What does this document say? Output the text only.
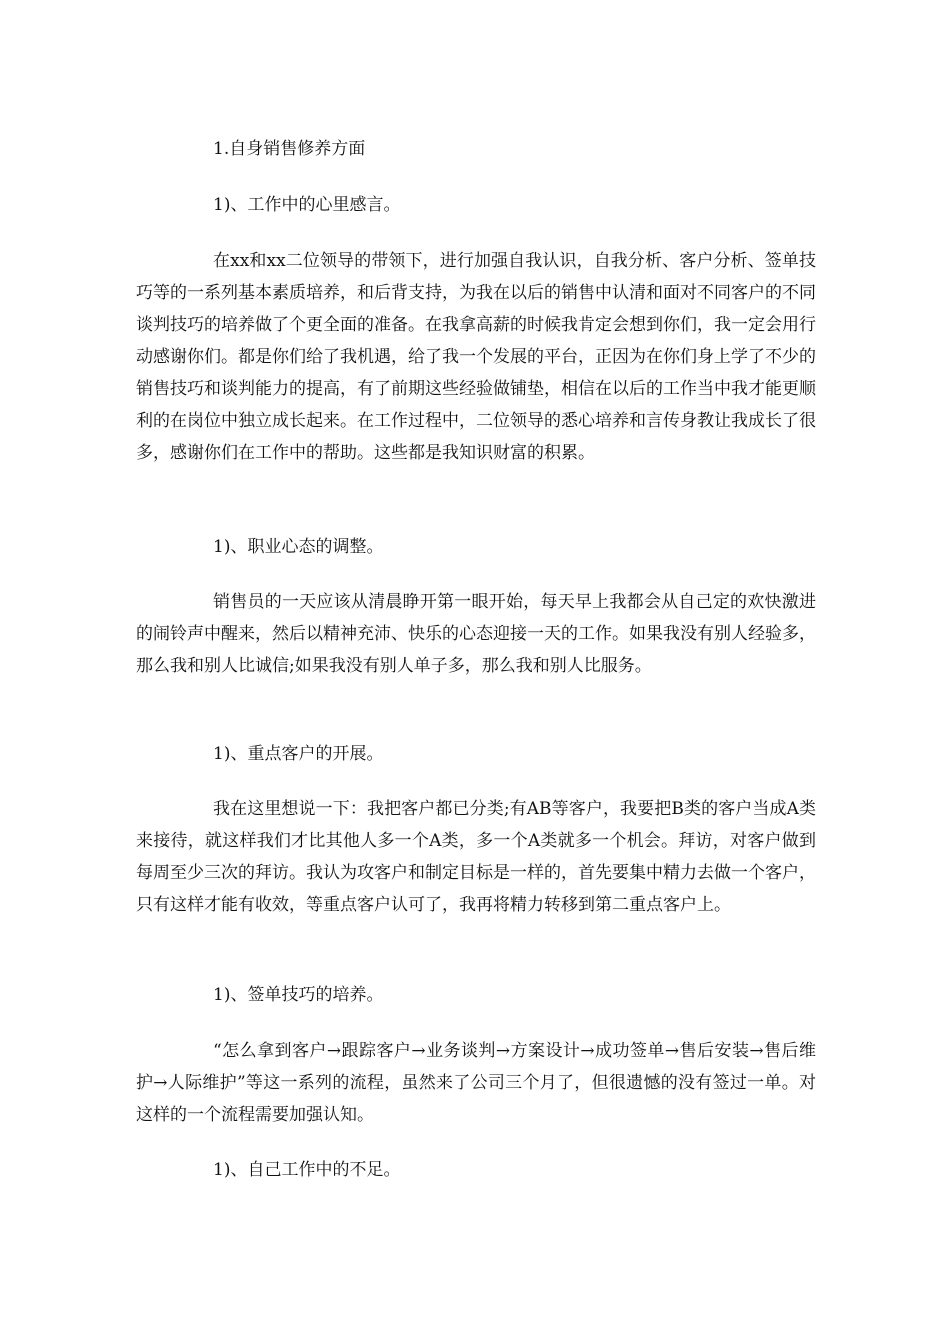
1.自身销售修养方面

1)、工作中的心里感言。

在xx和xx二位领导的带领下，进行加强自我认识，自我分析、客户分析、签单技巧等的一系列基本素质培养，和后背支持，为我在以后的销售中认清和面对不同客户的不同谈判技巧的培养做了个更全面的准备。在我拿高薪的时候我肯定会想到你们，我一定会用行动感谢你们。都是你们给了我机遇，给了我一个发展的平台，正因为在你们身上学了不少的销售技巧和谈判能力的提高，有了前期这些经验做铺垫，相信在以后的工作当中我才能更顺利的在岗位中独立成长起来。在工作过程中，二位领导的悉心培养和言传身教让我成长了很多，感谢你们在工作中的帮助。这些都是我知识财富的积累。

1)、职业心态的调整。

销售员的一天应该从清晨睁开第一眼开始，每天早上我都会从自己定的欢快激进的闹铃声中醒来，然后以精神充沛、快乐的心态迎接一天的工作。如果我没有别人经验多，那么我和别人比诚信;如果我没有别人单子多，那么我和别人比服务。

1)、重点客户的开展。

我在这里想说一下：我把客户都已分类;有AB等客户，我要把B类的客户当成A类来接待，就这样我们才比其他人多一个A类，多一个A类就多一个机会。拜访，对客户做到每周至少三次的拜访。我认为攻客户和制定目标是一样的，首先要集中精力去做一个客户，只有这样才能有收效，等重点客户认可了，我再将精力转移到第二重点客户上。

1)、签单技巧的培养。

“怎么拿到客户→跟踪客户→业务谈判→方案设计→成功签单→售后安装→售后维护→人际维护”等这一系列的流程，虽然来了公司三个月了，但很遗憾的没有签过一单。对这样的一个流程需要加强认知。

1)、自己工作中的不足。
